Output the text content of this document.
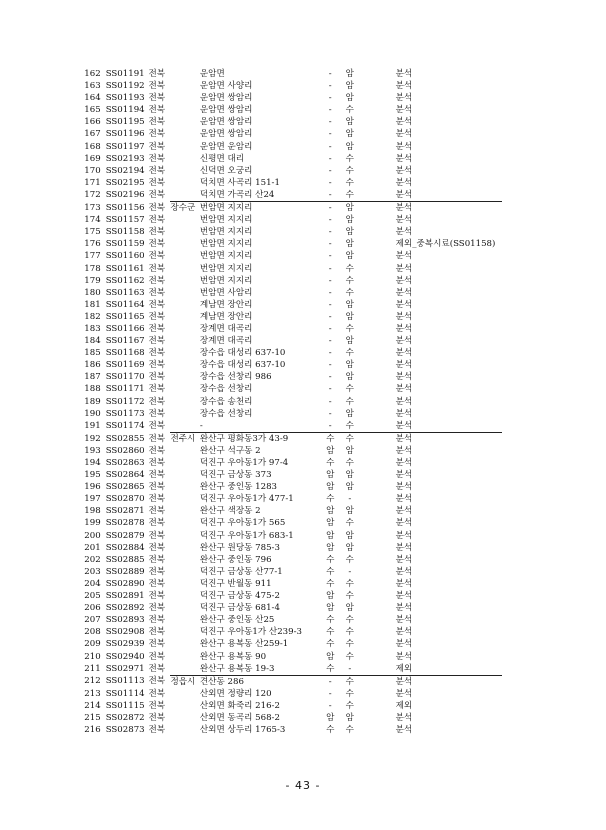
162	SS01191	전북		운암면	-	암	분석
163	SS01192	전북		운암면 사양리	-	암	분석
164	SS01193	전북		운암면 쌍암리	-	암	분석
165	SS01194	전북		운암면 쌍암리	-	수	분석
166	SS01195	전북		운암면 쌍암리	-	암	분석
167	SS01196	전북		운암면 쌍암리	-	암	분석
168	SS01197	전북		운암면 운암리	-	암	분석
169	SS02193	전북		신평면 대리	-	수	분석
170	SS02194	전북		신덕면 오궁리	-	수	분석
171	SS02195	전북		덕치면 사곡리 151-1	-	수	분석
172	SS02196	전북		덕치면 가곡리 산24	-	수	분석
173	SS01156	전북	장수군	번암면 지지리	-	암	분석
174	SS01157	전북		번암면 지지리	-	암	분석
175	SS01158	전북		번암면 지지리	-	암	분석
176	SS01159	전북		번암면 지지리	-	암	제외_중복시료(SS01158)
177	SS01160	전북		번암면 지지리	-	암	분석
178	SS01161	전북		번암면 지지리	-	수	분석
179	SS01162	전북		번암면 지지리	-	수	분석
180	SS01163	전북		번암면 사암리	-	수	분석
181	SS01164	전북		계남면 장안리	-	암	분석
182	SS01165	전북		계남면 장안리	-	암	분석
183	SS01166	전북		장계면 대곡리	-	수	분석
184	SS01167	전북		장계면 대곡리	-	암	분석
185	SS01168	전북		장수읍 대성리 637-10	-	수	분석
186	SS01169	전북		장수읍 대성리 637-10	-	암	분석
187	SS01170	전북		장수읍 선창리 986	-	암	분석
188	SS01171	전북		장수읍 선창리	-	수	분석
189	SS01172	전북		장수읍 송천리	-	수	분석
190	SS01173	전북		장수읍 선창리	-	암	분석
191	SS01174	전북		-	-	수	분석
192	SS02855	전북	전주시	완산구 평화동3가 43-9	수	수	분석
193	SS02860	전북		완산구 석구동 2	암	암	분석
194	SS02863	전북		덕진구 우아동1가 97-4	수	수	분석
195	SS02864	전북		덕진구 금상동 373	암	암	분석
196	SS02865	전북		완산구 중인동 1283	암	암	분석
197	SS02870	전북		덕진구 우아동1가 477-1	수	-	분석
198	SS02871	전북		완산구 색장동 2	암	암	분석
199	SS02878	전북		덕진구 우아동1가 565	암	수	분석
200	SS02879	전북		덕진구 우아동1가 683-1	암	암	분석
201	SS02884	전북		완산구 원당동 785-3	암	암	분석
202	SS02885	전북		완산구 중인동 796	수	수	분석
203	SS02889	전북		덕진구 금상동 산77-1	수	-	분석
204	SS02890	전북		덕진구 반월동 911	수	수	분석
205	SS02891	전북		덕진구 금상동 475-2	암	수	분석
206	SS02892	전북		덕진구 금상동 681-4	암	암	분석
207	SS02893	전북		완산구 중인동 산25	수	수	분석
208	SS02908	전북		덕진구 우아동1가 산239-3	수	수	분석
209	SS02939	전북		완산구 용복동 산259-1	수	수	분석
210	SS02940	전북		완산구 용복동 90	암	수	분석
211	SS02971	전북		완산구 용복동 19-3	수	-	제외
212	SS01113	전북	정읍시	견산동 286	-	수	분석
213	SS01114	전북		산외면 정량리 120	-	수	분석
214	SS01115	전북		산외면 화죽리 216-2	-	수	제외
215	SS02872	전북		산외면 동곡리 568-2	암	암	분석
216	SS02873	전북		산외면 상두리 1765-3	수	수	분석
- 43 -
